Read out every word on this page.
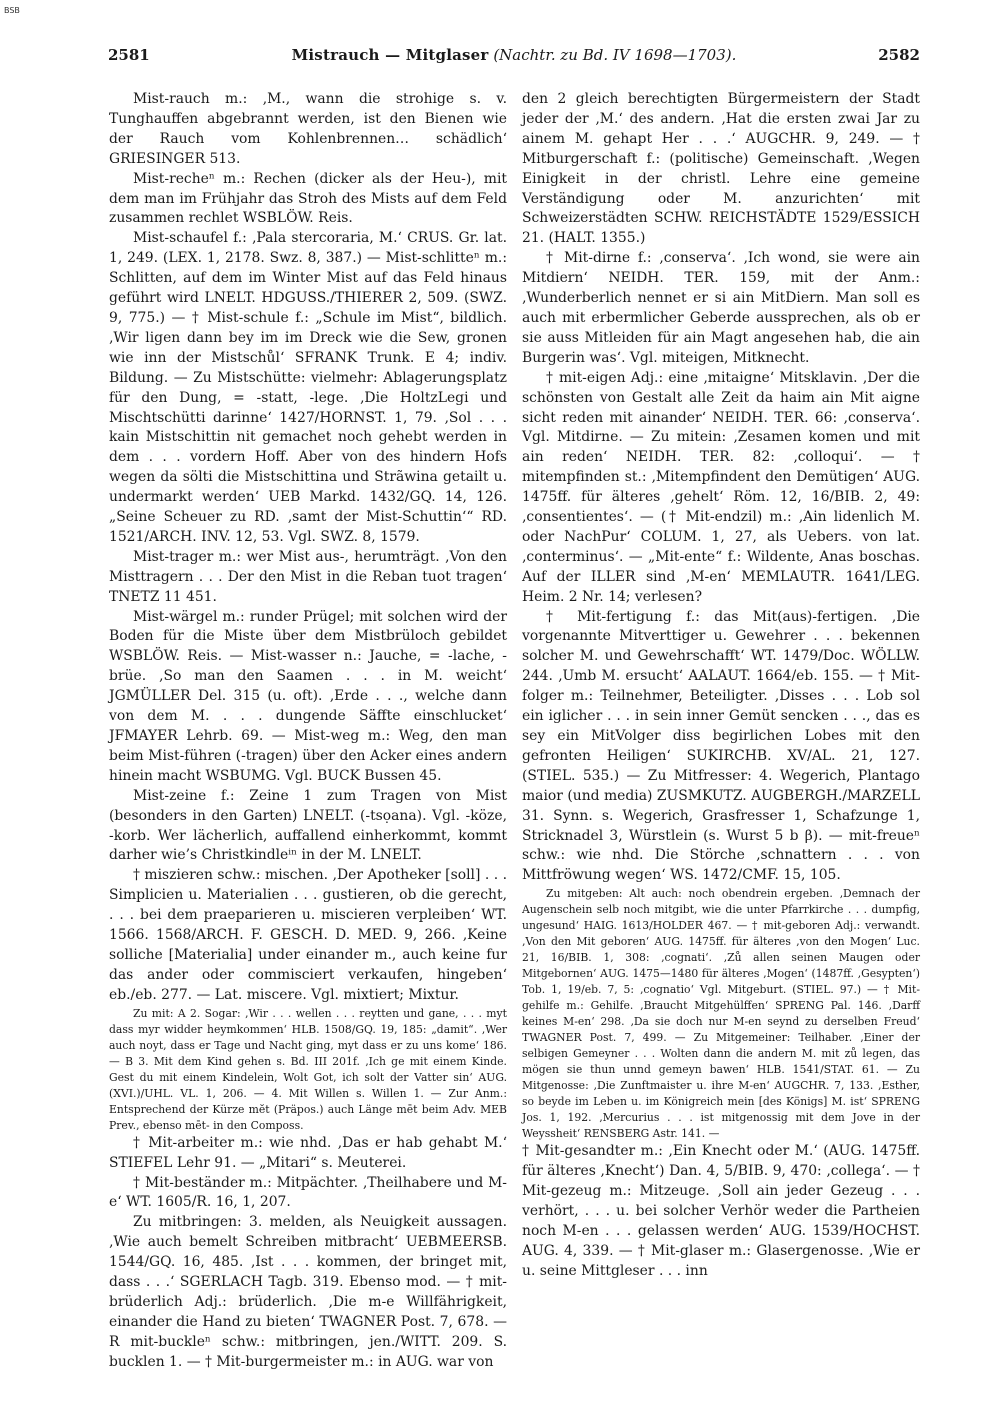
BSB
2581	Mistrauch — Mitglaser (Nachtr. zu Bd. IV 1698—1703).	2582

Mist-rauch m.: ‚M., wann die strohige s. v. Tunghauffen abgebrannt werden, ist den Bienen wie der Rauch vom Kohlenbrennen… schädlich‘ GRIESINGER 513.

Mist-recheⁿ m.: Rechen (dicker als der Heu-), mit dem man im Frühjahr das Stroh des Mists auf dem Feld zusammen rechlet WSBLÖW. Reis.

Mist-schaufel f.: ‚Pala stercoraria, M.‘ CRUS. Gr. lat. 1, 249. (LEX. 1, 2178. Swz. 8, 387.) — Mist-schlitteⁿ m.: Schlitten, auf dem im Winter Mist auf das Feld hinaus geführt wird LNELT. HDGUSS./THIERER 2, 509. (SWZ. 9, 775.) — † Mist-schule f.: „Schule im Mist“, bildlich. ‚Wir ligen dann bey im im Dreck wie die Sew, gronen wie inn der Mistschůl‘ SFRANK Trunk. E 4; indiv. Bildung. — Zu Mistschütte: vielmehr: Ablagerungsplatz für den Dung, = -statt, -lege. ‚Die HoltzLegi und Mischtschütti darinne‘ 1427/HORNST. 1, 79. ‚Sol . . . kain Mistschittin nit gemachet noch gehebt werden in dem . . . vordern Hoff. Aber von des hindern Hofs wegen da sölti die Mistschittina und Strãwina getailt u. undermarkt werden‘ UEB Markd. 1432/GQ. 14, 126. „Seine Scheuer zu RD. ‚samt der Mist-Schuttin‘“ RD. 1521/ARCH. INV. 12, 53. Vgl. SWZ. 8, 1579.

Mist-trager m.: wer Mist aus-, herumträgt. ‚Von den Misttragern . . . Der den Mist in die Reban tuot tragen‘ TNETZ 11 451.

Mist-wärgel m.: runder Prügel; mit solchen wird der Boden für die Miste über dem Mistbrüloch gebildet WSBLÖW. Reis. — Mist-wasser n.: Jauche, = -lache, -brüe. ‚So man den Saamen . . . in M. weicht‘ JGMÜLLER Del. 315 (u. oft). ‚Erde . . ., welche dann von dem M. . . . dungende Säffte einschlucket‘ JFMAYER Lehrb. 69. — Mist-weg m.: Weg, den man beim Mist-führen (-tragen) über den Acker eines andern hinein macht WSBUMG. Vgl. BUCK Bussen 45.

Mist-zeine f.: Zeine 1 zum Tragen von Mist (besonders in den Garten) LNELT. (-tsọana). Vgl. -köze, -korb. Wer lächerlich, auffallend einherkommt, kommt darher wie’s Christkindleⁱⁿ in der M. LNELT.

† miszieren schw.: mischen. ‚Der Apotheker [soll] . . . Simplicien u. Materialien . . . gustieren, ob die gerecht, . . . bei dem praeparieren u. miscieren verpleiben‘ WT. 1566. 1568/ARCH. F. GESCH. D. MED. 9, 266. ‚Keine solliche [Materialia] under einander m., auch keine fur das ander oder commisciert verkaufen, hingeben‘ eb./eb. 277. — Lat. miscere. Vgl. mixtiert; Mixtur.

Zu mit: A 2. Sogar: ‚Wir . . . wellen . . . reytten und gane, . . . myt dass myr widder heymkommen‘ HLB. 1508/GQ. 19, 185: „damit“. ‚Wer auch noyt, dass er Tage und Nacht ging, myt dass er zu uns kome‘ 186. — B 3. Mit dem Kind gehen s. Bd. III 201f. ‚Ich ge mit einem Kinde. Gest du mit einem Kindelein, Wolt Got, ich solt der Vatter sin‘ AUG. (XVI.)/UHL. VL. 1, 206. — 4. Mit Willen s. Willen 1. — Zur Anm.: Entsprechend der Kürze mĕt (Präpos.) auch Länge mēt beim Adv. MEB Prev., ebenso mēt- in den Composs.

† Mit-arbeiter m.: wie nhd. ‚Das er hab gehabt M.‘ STIEFEL Lehr 91. — „Mitari“ s. Meuterei.

† Mit-beständer m.: Mitpächter. ‚Theilhabere und M-e‘ WT. 1605/R. 16, 1, 207.

Zu mitbringen: 3. melden, als Neuigkeit aussagen. ‚Wie auch bemelt Schreiben mitbracht‘ UEBMEERSB. 1544/GQ. 16, 485. ‚Ist . . . kommen, der bringet mit, dass . . .‘ SGERLACH Tagb. 319. Ebenso mod. — † mit-brüderlich Adj.: brüderlich. ‚Die m-e Willfährigkeit, einander die Hand zu bieten‘ TWAGNER Post. 7, 678. — R mit-buckleⁿ schw.: mitbringen, jen./WITT. 209. S. bucklen 1. — † Mit-burgermeister m.: in AUG. war von

den 2 gleich berechtigten Bürgermeistern der Stadt jeder der ‚M.‘ des andern. ‚Hat die ersten zwai Jar zu ainem M. gehapt Her . . .‘ AUGCHR. 9, 249. — † Mitburgerschaft f.: (politische) Gemeinschaft. ‚Wegen Einigkeit in der christl. Lehre eine gemeine Verständigung oder M. anzurichten‘ mit Schweizerstädten SCHW. REICHSTÄDTE 1529/ESSICH 21. (HALT. 1355.)

† Mit-dirne f.: ‚conserva‘. ‚Ich wond, sie were ain Mitdiern‘ NEIDH. TER. 159, mit der Anm.: ‚Wunderberlich nennet er si ain MitDiern. Man soll es auch mit erbermlicher Geberde aussprechen, als ob er sie auss Mitleiden für ain Magt angesehen hab, die ain Burgerin was‘. Vgl. miteigen, Mitknecht.

† mit-eigen Adj.: eine ‚mitaigne‘ Mitsklavin. ‚Der die schönsten von Gestalt alle Zeit da haim ain Mit aigne sicht reden mit ainander‘ NEIDH. TER. 66: ‚conserva‘. Vgl. Mitdirne. — Zu mitein: ‚Zesamen komen und mit ain reden‘ NEIDH. TER. 82: ‚colloqui‘. — † mitempfinden st.: ‚Mitempfindent den Demütigen‘ AUG. 1475ff. für älteres ‚gehelt‘ Röm. 12, 16/BIB. 2, 49: ‚consentientes‘. — († Mit-endzil) m.: ‚Ain lidenlich M. oder NachPur‘ COLUM. 1, 27, als Uebers. von lat. ‚conterminus‘. — „Mit-ente“ f.: Wildente, Anas boschas. Auf der ILLER sind ‚M-en‘ MEMLAUTR. 1641/LEG. Heim. 2 Nr. 14; verlesen?

† Mit-fertigung f.: das Mit(aus)-fertigen. ‚Die vorgenannte Mitverttiger u. Gewehrer . . . bekennen solcher M. und Gewehrschafft‘ WT. 1479/Doc. WÖLLW. 244. ‚Umb M. ersucht‘ AALAUT. 1664/eb. 155. — † Mit-folger m.: Teilnehmer, Beteiligter. ‚Disses . . . Lob sol ein iglicher . . . in sein inner Gemüt sencken . . ., das es sey ein MitVolger diss begirlichen Lobes mit den gefronten Heiligen‘ SUKIRCHB. XV/AL. 21, 127. (STIEL. 535.) — Zu Mitfresser: 4. Wegerich, Plantago maior (und media) ZUSMKUTZ. AUGBERGH./MARZELL 31. Synn. s. Wegerich, Grasfresser 1, Schafzunge 1, Stricknadel 3, Würstlein (s. Wurst 5 b β). — mit-freueⁿ schw.: wie nhd. Die Störche ‚schnattern . . . von Mittfröwung wegen‘ WS. 1472/CMF. 15, 105.

Zu mitgeben: Alt auch: noch obendrein ergeben. ‚Demnach der Augenschein selb noch mitgibt, wie die unter Pfarrkirche . . . dumpfig, ungesund‘ HAIG. 1613/HOLDER 467. — † mit-geboren Adj.: verwandt. ‚Von den Mit geboren‘ AUG. 1475ff. für älteres ‚von den Mogen‘ Luc. 21, 16/BIB. 1, 308: ‚cognati‘. ‚Zů allen seinen Maugen oder Mitgebornen‘ AUG. 1475—1480 für älteres ‚Mogen‘ (1487ff. ‚Gesypten‘) Tob. 1, 19/eb. 7, 5: ‚cognatio‘ Vgl. Mitgeburt. (STIEL. 97.) — † Mit-gehilfe m.: Gehilfe. ‚Braucht Mitgehülffen‘ SPRENG Pal. 146. ‚Darff keines M-en‘ 298. ‚Da sie doch nur M-en seynd zu derselben Freud‘ TWAGNER Post. 7, 499. — Zu Mitgemeiner: Teilhaber. ‚Einer der selbigen Gemeyner . . . Wolten dann die andern M. mit zů legen, das mögen sie thun unnd gemeyn bawen‘ HLB. 1541/STAT. 61. — Zu Mitgenosse: ‚Die Zunftmaister u. ihre M-en‘ AUGCHR. 7, 133. ‚Esther, so beyde im Leben u. im Königreich mein [des Königs] M. ist‘ SPRENG Jos. 1, 192. ‚Mercurius . . . ist mitgenossig mit dem Jove in der Weyssheit‘ RENSBERG Astr. 141. —

† Mit-gesandter m.: ‚Ein Knecht oder M.‘ (AUG. 1475ff. für älteres ‚Knecht‘) Dan. 4, 5/BIB. 9, 470: ‚collega‘. — † Mit-gezeug m.: Mitzeuge. ‚Soll ain jeder Gezeug . . . verhört, . . . u. bei solcher Verhör weder die Partheien noch M-en . . . gelassen werden‘ AUG. 1539/HOCHST. AUG. 4, 339. — † Mit-glaser m.: Glasergenosse. ‚Wie er u. seine Mittgleser . . . inn
